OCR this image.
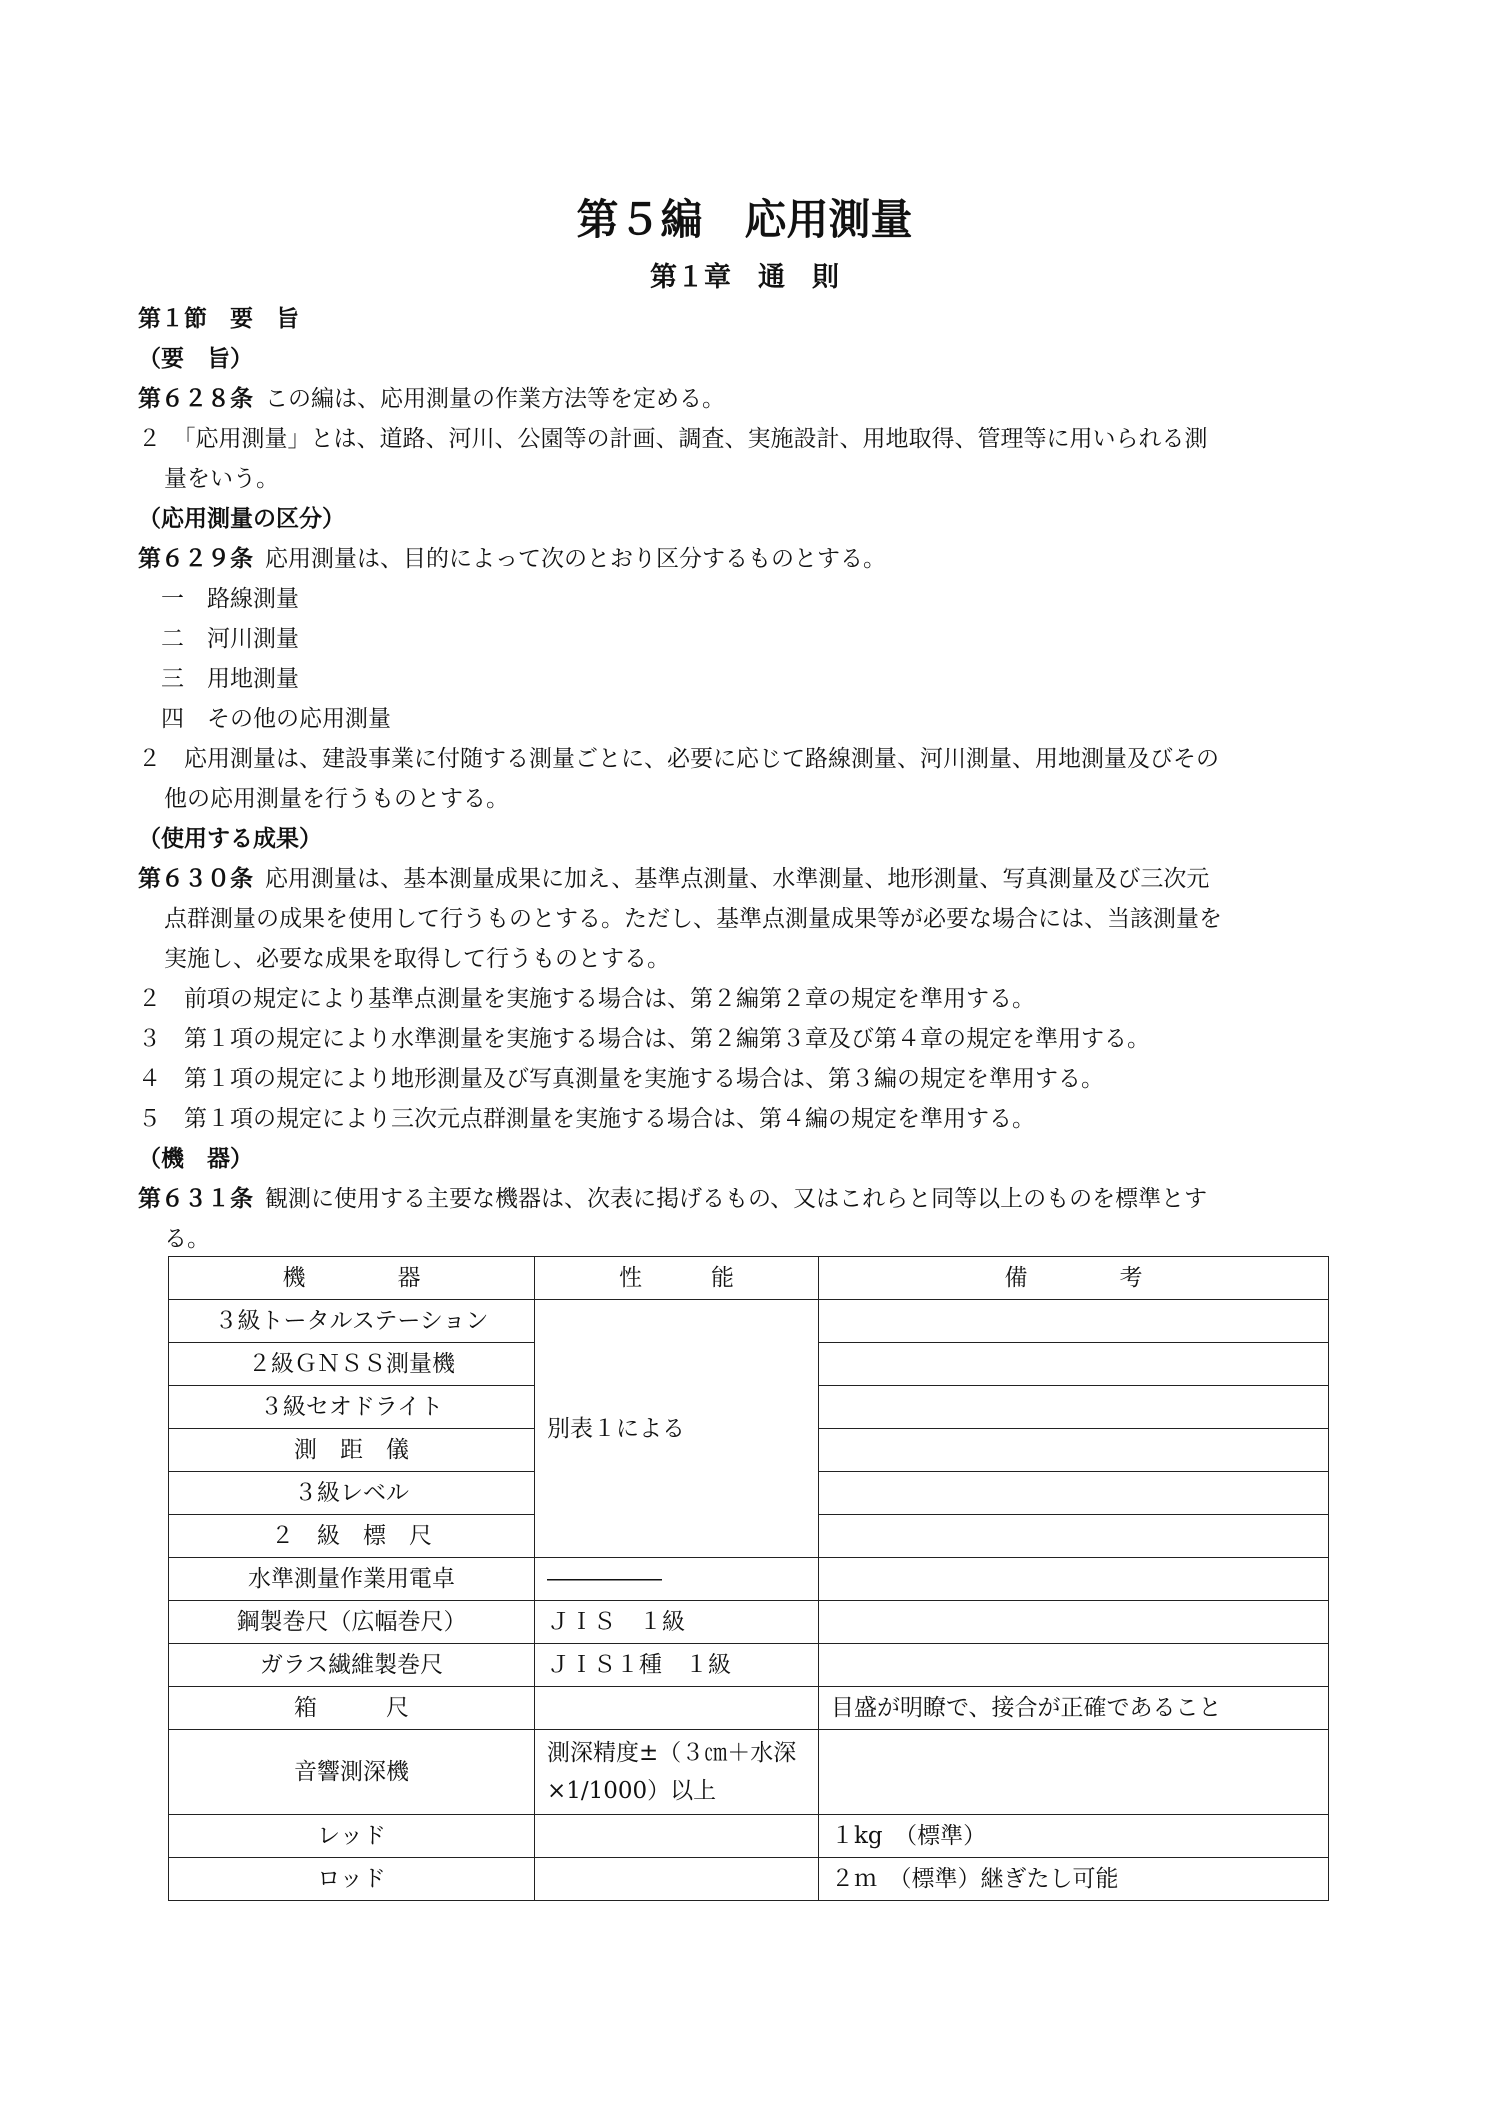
第５編　応用測量
第１章　通　則
第１節　要　旨
（要　旨）
第６２８条 この編は、応用測量の作業方法等を定める。
２　「応用測量」とは、道路、河川、公園等の計画、調査、実施設計、用地取得、管理等に用いられる測
量をいう。
（応用測量の区分）
第６２９条 応用測量は、目的によって次のとおり区分するものとする。
一　路線測量
二　河川測量
三　用地測量
四　その他の応用測量
２　応用測量は、建設事業に付随する測量ごとに、必要に応じて路線測量、河川測量、用地測量及びその
他の応用測量を行うものとする。
（使用する成果）
第６３０条 応用測量は、基本測量成果に加え、基準点測量、水準測量、地形測量、写真測量及び三次元
点群測量の成果を使用して行うものとする。ただし、基準点測量成果等が必要な場合には、当該測量を
実施し、必要な成果を取得して行うものとする。
２　前項の規定により基準点測量を実施する場合は、第２編第２章の規定を準用する。
３　第１項の規定により水準測量を実施する場合は、第２編第３章及び第４章の規定を準用する。
４　第１項の規定により地形測量及び写真測量を実施する場合は、第３編の規定を準用する。
５　第１項の規定により三次元点群測量を実施する場合は、第４編の規定を準用する。
（機　器）
第６３１条 観測に使用する主要な機器は、次表に掲げるもの、又はこれらと同等以上のものを標準とす
る。
機　　　　器	性　　　能	備　　　　考
３級トータルステーション	別表１による	
２級ＧＮＳＳ測量機		
３級セオドライト		
測　距　儀		
３級レベル		
２　級　標　尺		
水準測量作業用電卓	―――――	
鋼製巻尺（広幅巻尺）	ＪＩＳ　１級	
ガラス繊維製巻尺	ＪＩＳ１種　１級	
箱　　　尺		目盛が明瞭で、接合が正確であること
音響測深機	測深精度±（３㎝＋水深×1/1000）以上	
レッド		１kg　（標準）
ロッド		２ｍ　（標準）継ぎたし可能
